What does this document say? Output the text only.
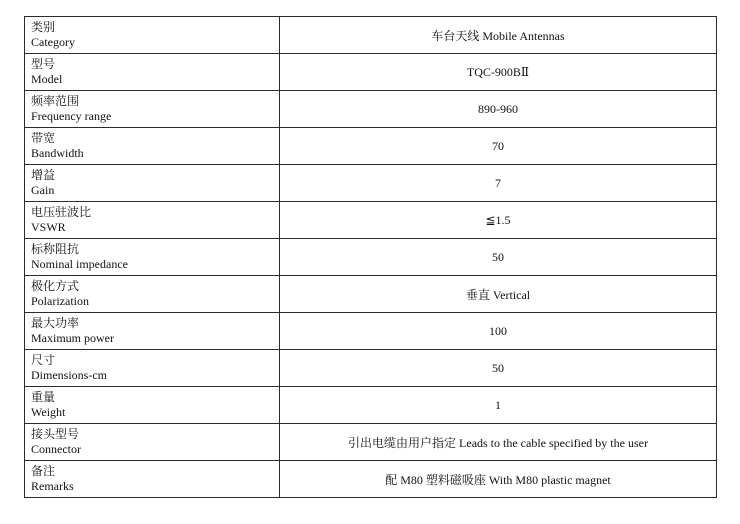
类别
Category	车台天线 Mobile Antennas

型号
Model	TQC-900BⅡ

频率范围
Frequency range	890-960

带宽
Bandwidth	70

增益
Gain	7

电压驻波比
VSWR	≦1.5

标称阻抗
Nominal impedance	50

极化方式
Polarization	垂直 Vertical

最大功率
Maximum power	100

尺寸
Dimensions-cm	50

重量
Weight	1

接头型号
Connector	引出电缆由用户指定 Leads to the cable specified by the user

备注
Remarks	配 M80 塑料磁吸座 With M80 plastic magnet
